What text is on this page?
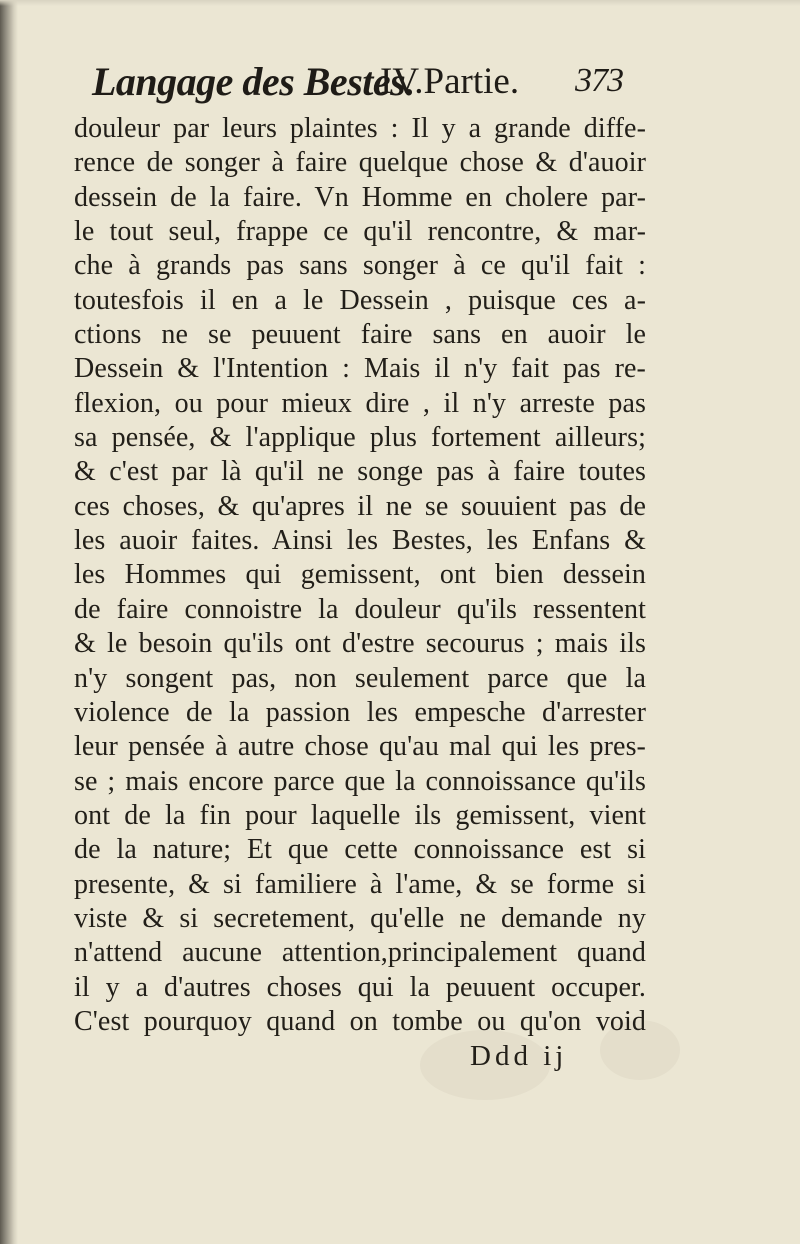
Langage des Bestes.
IV.Partie. 373
douleur par leurs plaintes : Il y a grande diffe-
rence de songer à faire quelque chose & d'auoir
dessein de la faire. Vn Homme en cholere par-
le tout seul, frappe ce qu'il rencontre, & mar-
che à grands pas sans songer à ce qu'il fait :
toutesfois il en a le Dessein , puisque ces a-
ctions ne se peuuent faire sans en auoir le
Dessein & l'Intention : Mais il n'y fait pas re-
flexion, ou pour mieux dire , il n'y arreste pas
sa pensée, & l'applique plus fortement ailleurs;
& c'est par là qu'il ne songe pas à faire toutes
ces choses, & qu'apres il ne se souuient pas de
les auoir faites. Ainsi les Bestes, les Enfans &
les Hommes qui gemissent, ont bien dessein
de faire connoistre la douleur qu'ils ressentent
& le besoin qu'ils ont d'estre secourus ; mais ils
n'y songent pas, non seulement parce que la
violence de la passion les empesche d'arrester
leur pensée à autre chose qu'au mal qui les pres-
se ; mais encore parce que la connoissance qu'ils
ont de la fin pour laquelle ils gemissent, vient
de la nature; Et que cette connoissance est si
presente, & si familiere à l'ame, & se forme si
viste & si secretement, qu'elle ne demande ny
n'attend aucune attention,principalement quand
il y a d'autres choses qui la peuuent occuper.
C'est pourquoy quand on tombe ou qu'on void
Ddd ij
